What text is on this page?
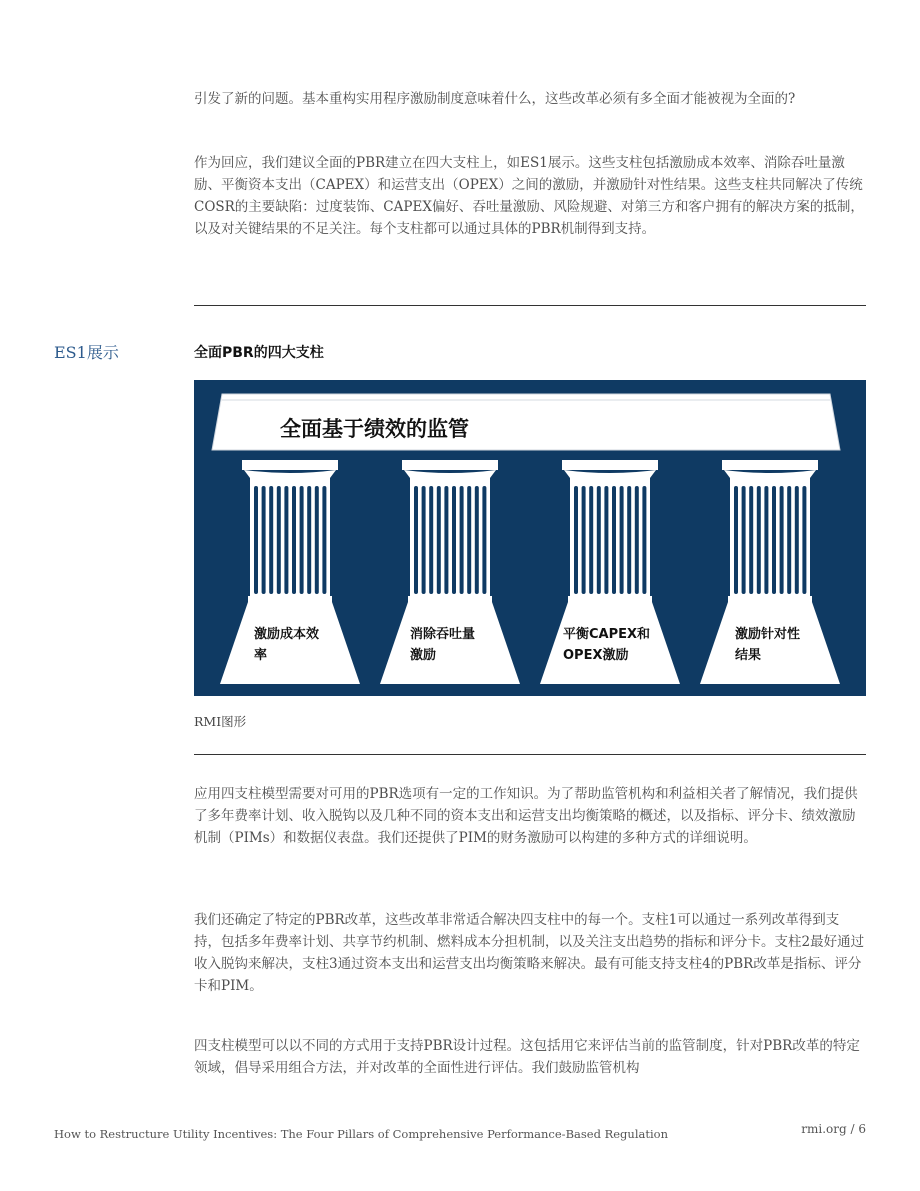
引发了新的问题。基本重构实用程序激励制度意味着什么，这些改革必须有多全面才能被视为全面的?
作为回应，我们建议全面的PBR建立在四大支柱上，如ES1展示。这些支柱包括激励成本效率、消除吞吐量激励、平衡资本支出（CAPEX）和运营支出（OPEX）之间的激励，并激励针对性结果。这些支柱共同解决了传统COSR的主要缺陷：过度装饰、CAPEX偏好、吞吐量激励、风险规避、对第三方和客户拥有的解决方案的抵制，以及对关键结果的不足关注。每个支柱都可以通过具体的PBR机制得到支持。
ES1展示	全面PBR的四大支柱
全面基于绩效的监管
激励成本效
率
消除吞吐量
激励
平衡CAPEX和
OPEX激励
激励针对性
结果
RMI图形
应用四支柱模型需要对可用的PBR选项有一定的工作知识。为了帮助监管机构和利益相关者了解情况，我们提供了多年费率计划、收入脱钩以及几种不同的资本支出和运营支出均衡策略的概述，以及指标、评分卡、绩效激励机制（PIMs）和数据仪表盘。我们还提供了PIM的财务激励可以构建的多种方式的详细说明。
我们还确定了特定的PBR改革，这些改革非常适合解决四支柱中的每一个。支柱1可以通过一系列改革得到支持，包括多年费率计划、共享节约机制、燃料成本分担机制，以及关注支出趋势的指标和评分卡。支柱2最好通过收入脱钩来解决，支柱3通过资本支出和运营支出均衡策略来解决。最有可能支持支柱4的PBR改革是指标、评分卡和PIM。
四支柱模型可以以不同的方式用于支持PBR设计过程。这包括用它来评估当前的监管制度，针对PBR改革的特定领域，倡导采用组合方法，并对改革的全面性进行评估。我们鼓励监管机构
How to Restructure Utility Incentives: The Four Pillars of Comprehensive Performance-Based Regulation	rmi.org / 6
